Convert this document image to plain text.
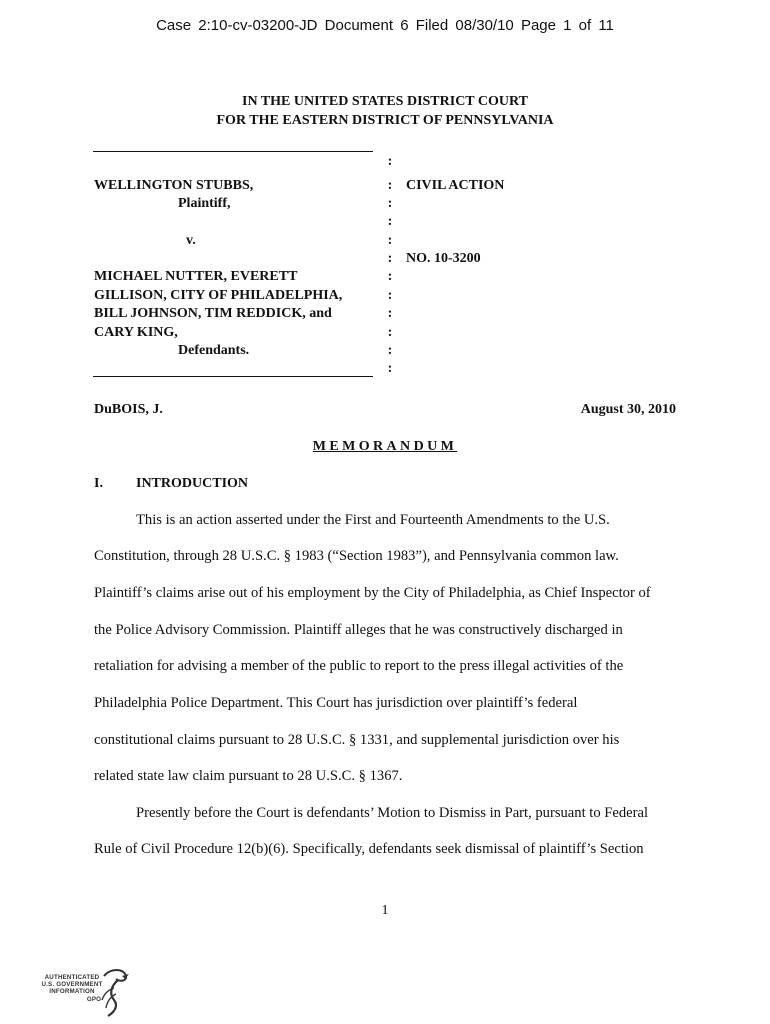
Case 2:10-cv-03200-JD Document 6 Filed 08/30/10 Page 1 of 11
IN THE UNITED STATES DISTRICT COURT
FOR THE EASTERN DISTRICT OF PENNSYLVANIA
WELLINGTON STUBBS,
Plaintiff,
v.
MICHAEL NUTTER, EVERETT
GILLISON, CITY OF PHILADELPHIA,
BILL JOHNSON, TIM REDDICK, and
CARY KING,
Defendants.
:
:
:
:
:
:
:
:
:
:
:
:
CIVIL ACTION
NO. 10-3200
DuBOIS, J.	August 30, 2010
MEMORANDUM
I. INTRODUCTION
This is an action asserted under the First and Fourteenth Amendments to the U.S.
Constitution, through 28 U.S.C. § 1983 (“Section 1983”), and Pennsylvania common law.
Plaintiff’s claims arise out of his employment by the City of Philadelphia, as Chief Inspector of
the Police Advisory Commission. Plaintiff alleges that he was constructively discharged in
retaliation for advising a member of the public to report to the press illegal activities of the
Philadelphia Police Department. This Court has jurisdiction over plaintiff’s federal
constitutional claims pursuant to 28 U.S.C. § 1331, and supplemental jurisdiction over his
related state law claim pursuant to 28 U.S.C. § 1367.
Presently before the Court is defendants’ Motion to Dismiss in Part, pursuant to Federal
Rule of Civil Procedure 12(b)(6). Specifically, defendants seek dismissal of plaintiff’s Section
1
AUTHENTICATED
U.S. GOVERNMENT
INFORMATION
GPO
